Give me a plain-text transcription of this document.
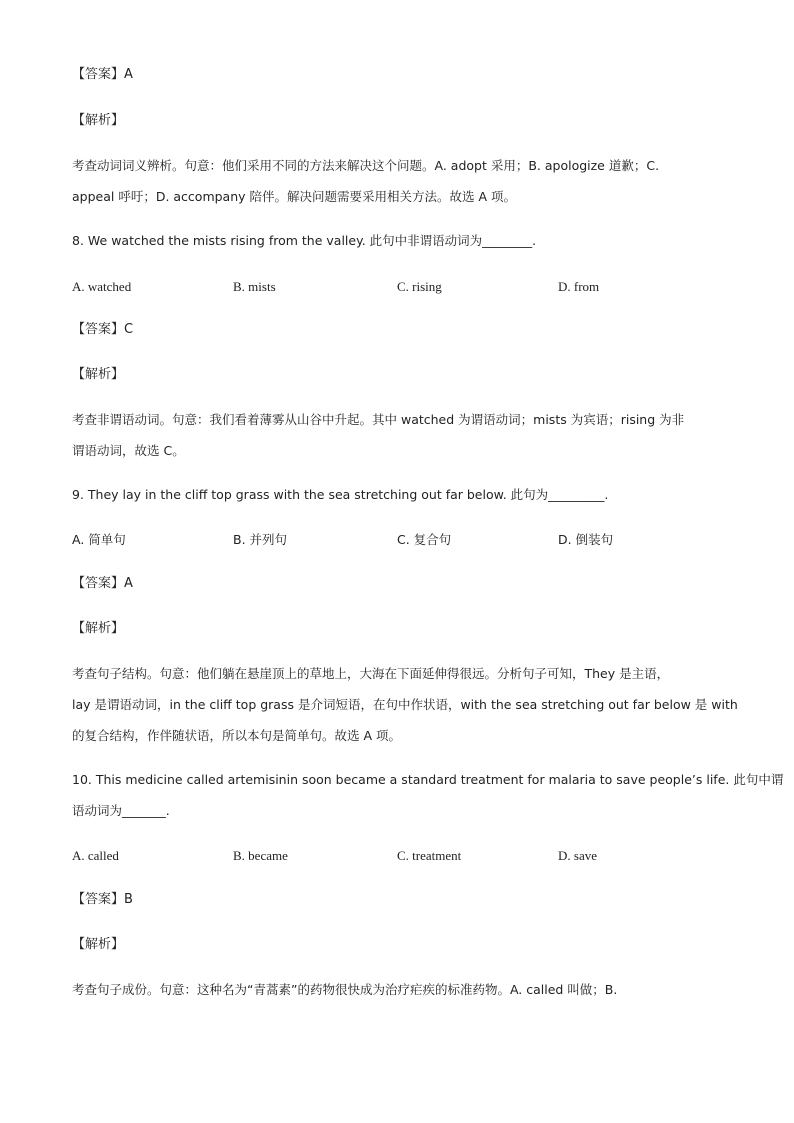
【答案】A
【解析】
考查动词词义辨析。句意：他们采用不同的方法来解决这个问题。A. adopt 采用；B. apologize 道歉；C.
appeal 呼吁；D. accompany 陪伴。解决问题需要采用相关方法。故选 A 项。
8. We watched the mists rising from the valley. 此句中非谓语动词为________.
A. watched	B. mists	C. rising	D. from
【答案】C
【解析】
考查非谓语动词。句意：我们看着薄雾从山谷中升起。其中 watched 为谓语动词；mists 为宾语；rising 为非
谓语动词，故选 C。
9. They lay in the cliff top grass with the sea stretching out far below. 此句为_________.
A. 简单句	B. 并列句	C. 复合句	D. 倒装句
【答案】A
【解析】
考查句子结构。句意：他们躺在悬崖顶上的草地上，大海在下面延伸得很远。分析句子可知，They 是主语，
lay 是谓语动词，in the cliff top grass 是介词短语，在句中作状语，with the sea stretching out far below 是 with
的复合结构，作伴随状语，所以本句是简单句。故选 A 项。
10. This medicine called artemisinin soon became a standard treatment for malaria to save people’s life. 此句中谓
语动词为_______.
A. called	B. became	C. treatment	D. save
【答案】B
【解析】
考查句子成份。句意：这种名为“青蒿素”的药物很快成为治疗疟疾的标准药物。A. called 叫做；B.
